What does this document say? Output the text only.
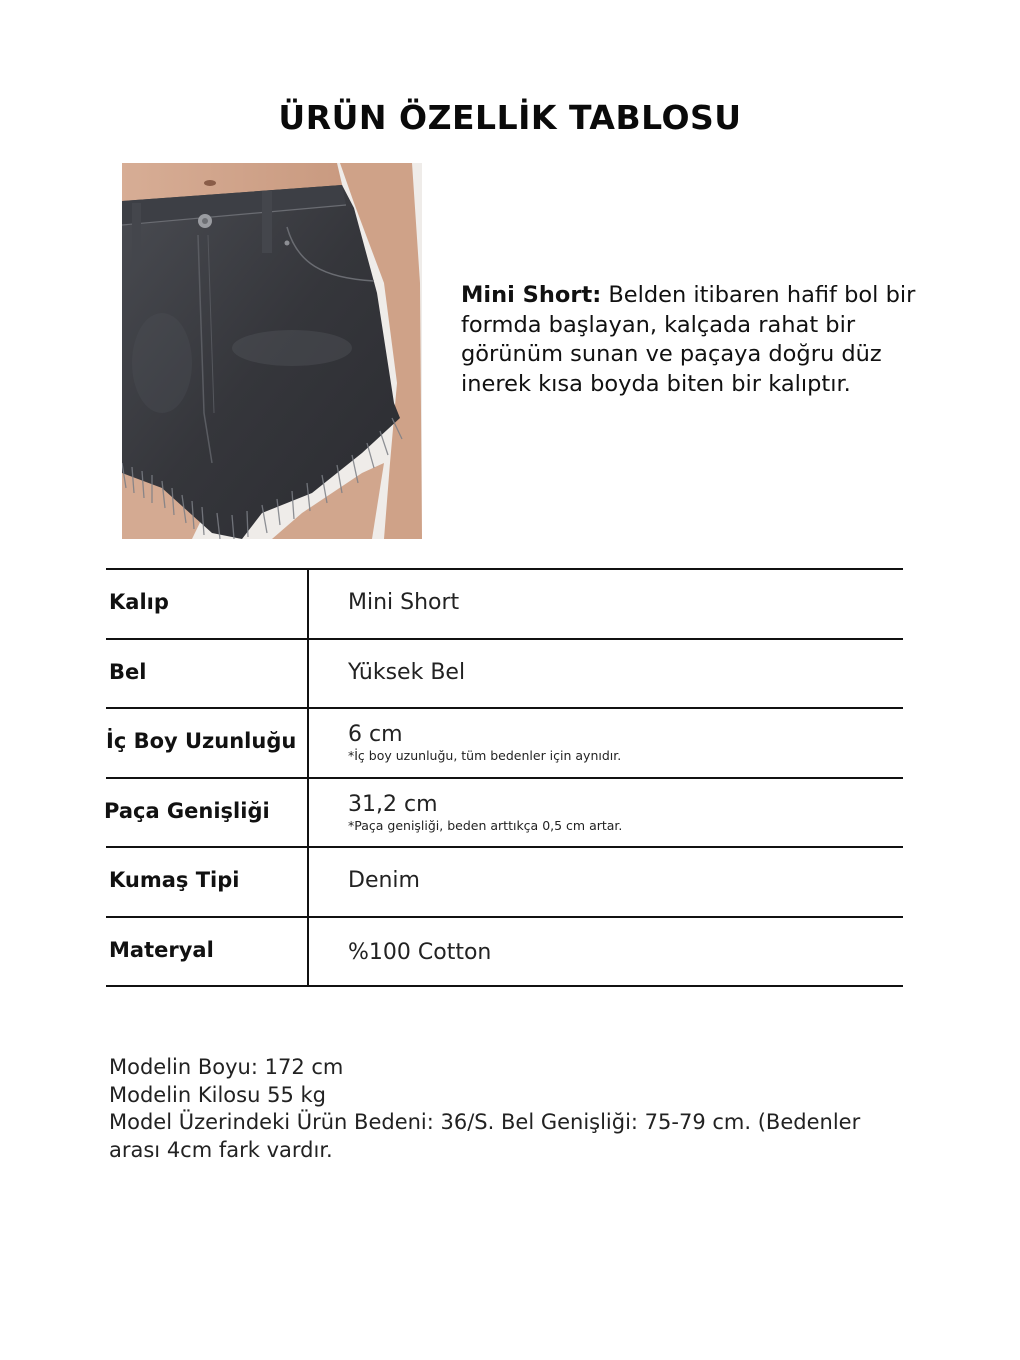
ÜRÜN ÖZELLİK TABLOSU
Mini Short: Belden itibaren hafif bol bir formda başlayan, kalçada rahat bir görünüm sunan ve paçaya doğru düz inerek kısa boyda biten bir kalıptır.
Kalıp	Mini Short
Bel	Yüksek Bel
İç Boy Uzunluğu 6 cm
*İç boy uzunluğu, tüm bedenler için aynıdır.
Paça Genişliği	31,2 cm
*Paça genişliği, beden arttıkça 0,5 cm artar.
Kumaş Tipi	Denim
Materyal	%100 Cotton
Modelin Boyu: 172 cm
Modelin Kilosu 55 kg
Model Üzerindeki Ürün Bedeni: 36/S. Bel Genişliği: 75-79 cm. (Bedenler
arası 4cm fark vardır.
